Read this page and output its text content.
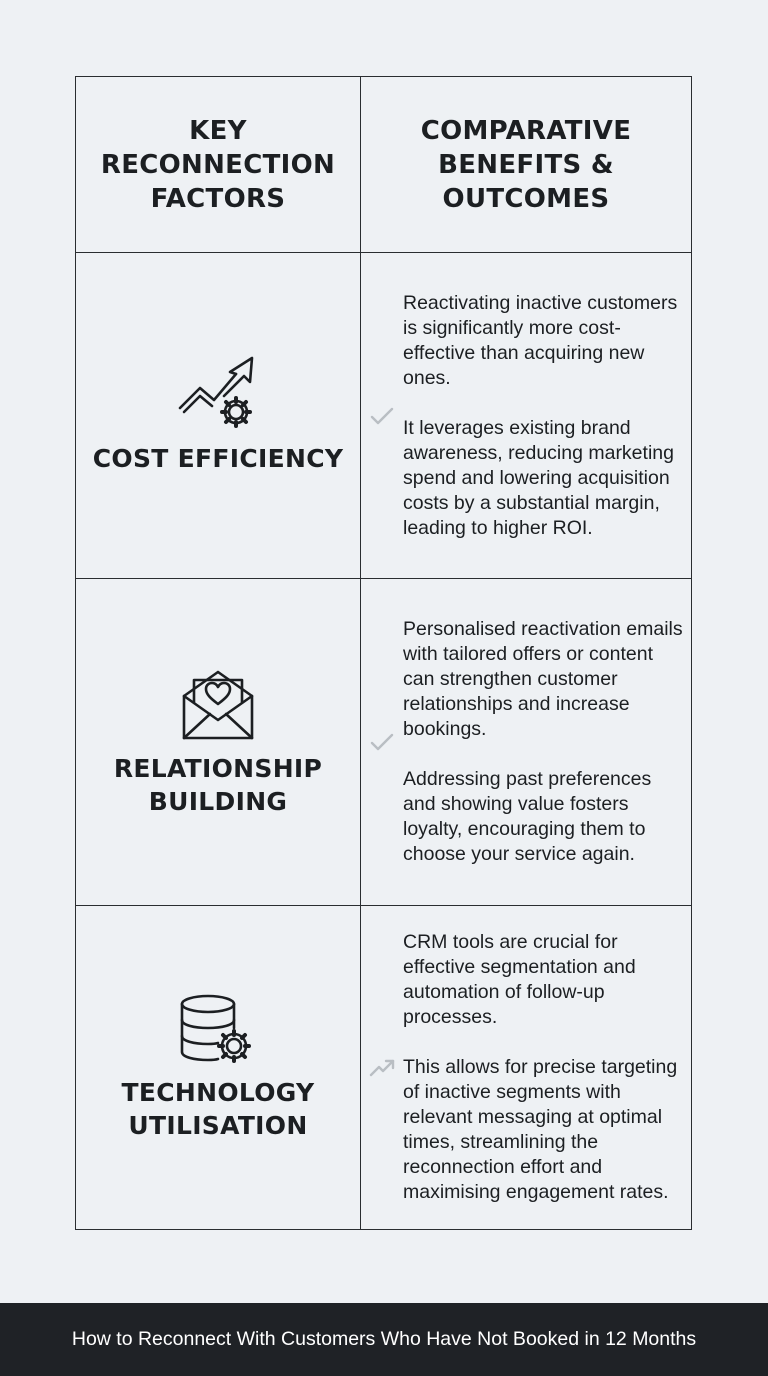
KEY RECONNECTION FACTORS
COMPARATIVE BENEFITS & OUTCOMES
COST EFFICIENCY

Reactivating inactive customers is significantly more cost-effective than acquiring new ones.

It leverages existing brand awareness, reducing marketing spend and lowering acquisition costs by a substantial margin, leading to higher ROI.

RELATIONSHIP BUILDING

Personalised reactivation emails with tailored offers or content can strengthen customer relationships and increase bookings.

Addressing past preferences and showing value fosters loyalty, encouraging them to choose your service again.

TECHNOLOGY UTILISATION

CRM tools are crucial for effective segmentation and automation of follow-up processes.

This allows for precise targeting of inactive segments with relevant messaging at optimal times, streamlining the reconnection effort and maximising engagement rates.

How to Reconnect With Customers Who Have Not Booked in 12 Months
